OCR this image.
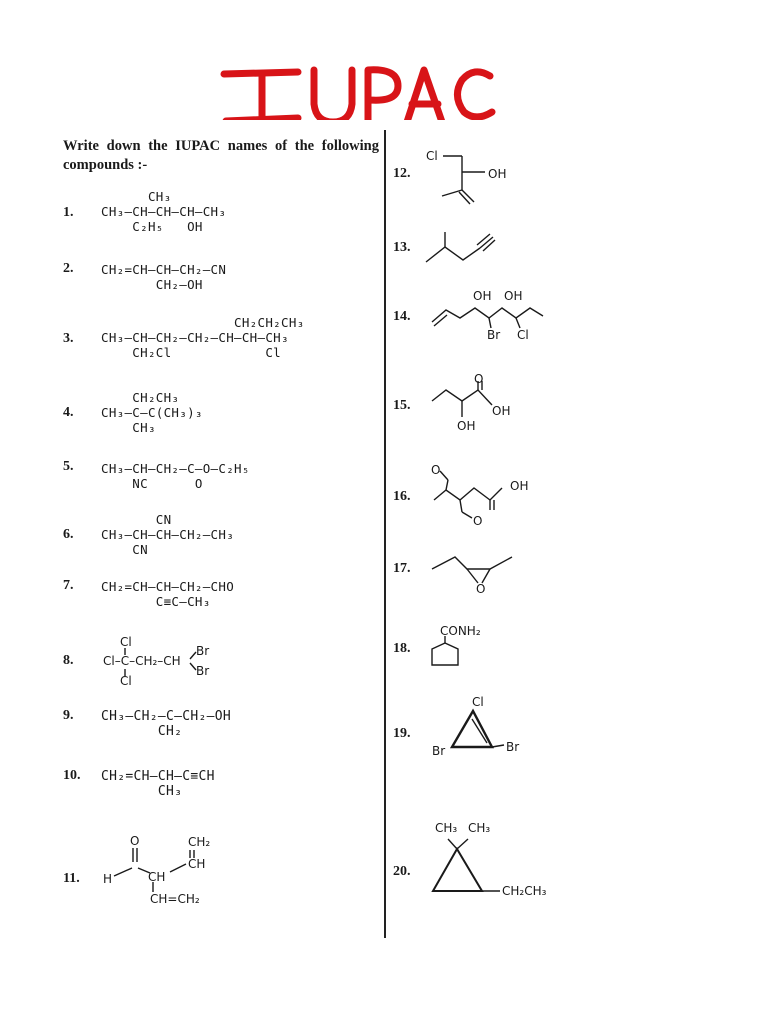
Write down the IUPAC names of the following compounds :-
1.
CH₃
CH₃–CH–CH–CH–CH₃
C₂H₅   OH
2. CH₂=CH–CH–CH₂–CN
CH₂–OH
3.
CH₂CH₂CH₃
CH₃–CH–CH₂–CH₂–CH–CH–CH₃
CH₂Cl            Cl
4.
CH₂CH₃
CH₃–C–C(CH₃)₃
CH₃
5. CH₃–CH–CH₂–C–O–C₂H₅
NC      O
6.
CN
CH₃–CH–CH–CH₂–CH₃
CN
7. CH₂=CH–CH–CH₂–CHO
C≡C–CH₃
8.
Cl
Cl–C–CH₂–CH
Cl
Br
Br
9. CH₃–CH₂–C–CH₂–OH
CH₂
10. CH₂=CH–CH–C≡CH
CH₃
11.
O
H	CH
CH=CH₂
CH₂
CH
12.
Cl
OH
13.
14.
OH OH
Br Cl
15.
O
OH
OH
16.
O
OH
O
17.
O
18.
CONH₂
19.
Cl
Br	Br
20.
CH₃ CH₃
CH₂CH₃
